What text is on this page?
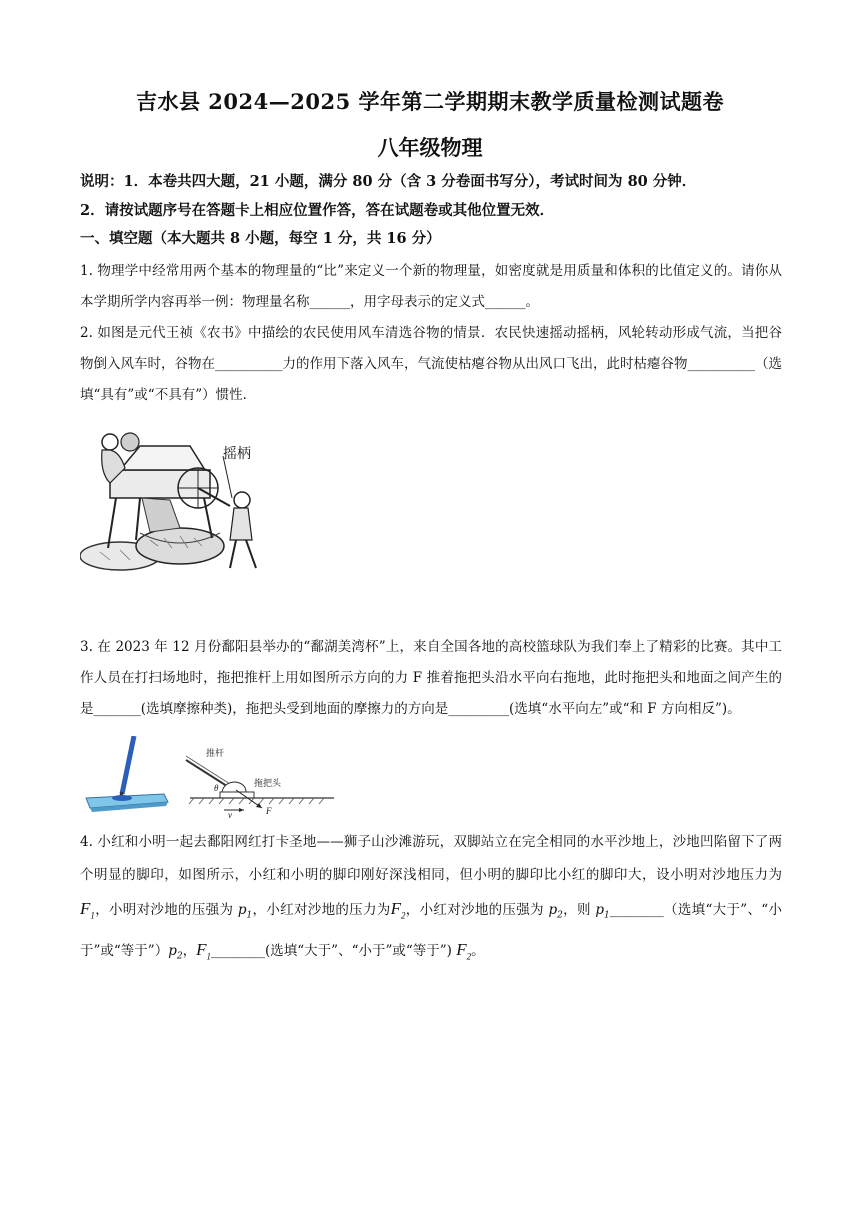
吉水县 2024—2025 学年第二学期期末教学质量检测试题卷
八年级物理
说明：1．本卷共四大题，21 小题，满分 80 分（含 3 分卷面书写分），考试时间为 80 分钟．
2．请按试题序号在答题卡上相应位置作答，答在试题卷或其他位置无效．
一、填空题（本大题共 8 小题，每空 1 分，共 16 分）
1. 物理学中经常用两个基本的物理量的“比”来定义一个新的物理量，如密度就是用质量和体积的比值定义的。请你从本学期所学内容再举一例：物理量名称______，用字母表示的定义式______。
2. 如图是元代王祯《农书》中描绘的农民使用风车清选谷物的情景．农民快速摇动摇柄，风轮转动形成气流，当把谷物倒入风车时，谷物在__________力的作用下落入风车，气流使枯瘪谷物从出风口飞出，此时枯瘪谷物__________（选填“具有”或“不具有”）惯性．
摇柄
3. 在 2023 年 12 月份鄱阳县举办的“鄱湖美湾杯”上，来自全国各地的高校篮球队为我们奉上了精彩的比赛。其中工作人员在打扫场地时，拖把推杆上用如图所示方向的力 F 推着拖把头沿水平向右拖地，此时拖把头和地面之间产生的是_______(选填摩擦种类)，拖把头受到地面的摩擦力的方向是_________(选填“水平向左”或“和 F 方向相反”)。
推杆
拖把头
θ
v	F
4. 小红和小明一起去鄱阳网红打卡圣地——狮子山沙滩游玩，双脚站立在完全相同的水平沙地上，沙地凹陷留下了两个明显的脚印，如图所示，小红和小明的脚印刚好深浅相同，但小明的脚印比小红的脚印大，设小明对沙地压力为$F_1$，小明对沙地的压强为 $p_1$，小红对沙地的压力为$F_2$，小红对沙地的压强为 $p_2$，则 $p_1\_\_\_\_\_\_\_\_$（选填“大于”、“小于”或“等于$”)p_2$，$F_1\_\_\_\_\_\_\_\_$(选填“大于”、“小于”或“等于”) $F_2$。
